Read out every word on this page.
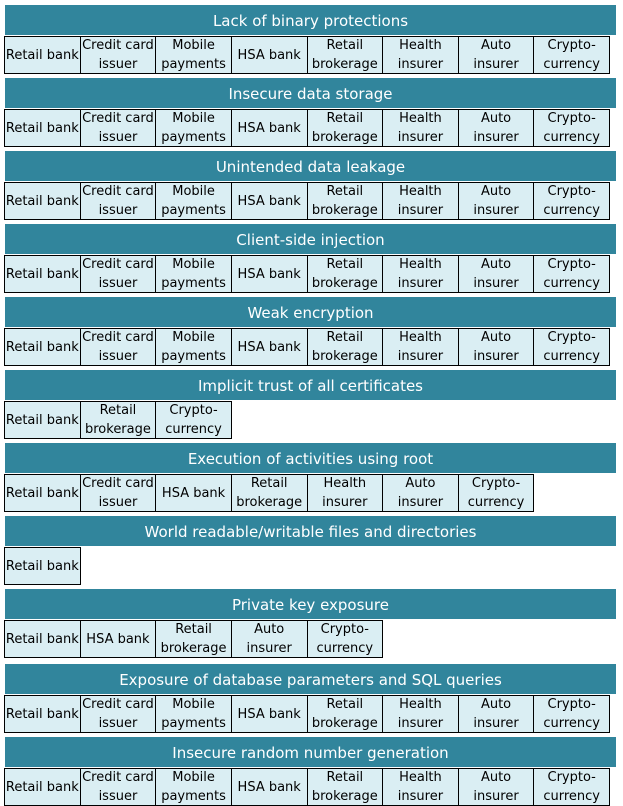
Lack of binary protections
Retail bank
Credit card
issuer
Mobile
payments
HSA bank
Retail
brokerage
Health
insurer
Auto
insurer
Crypto-
currency
Insecure data storage
Retail bank
Credit card
issuer
Mobile
payments
HSA bank
Retail
brokerage
Health
insurer
Auto
insurer
Crypto-
currency
Unintended data leakage
Retail bank
Credit card
issuer
Mobile
payments
HSA bank
Retail
brokerage
Health
insurer
Auto
insurer
Crypto-
currency
Client-side injection
Retail bank
Credit card
issuer
Mobile
payments
HSA bank
Retail
brokerage
Health
insurer
Auto
insurer
Crypto-
currency
Weak encryption
Retail bank
Credit card
issuer
Mobile
payments
HSA bank
Retail
brokerage
Health
insurer
Auto
insurer
Crypto-
currency
Implicit trust of all certificates
Retail bank
Retail
brokerage
Crypto-
currency
Execution of activities using root
Retail bank
Credit card
issuer
HSA bank
Retail
brokerage
Health
insurer
Auto
insurer
Crypto-
currency
World readable/writable files and directories
Retail bank
Private key exposure
Retail bank HSA bank
Retail
brokerage
Auto
insurer
Crypto-
currency
Exposure of database parameters and SQL queries
Retail bank
Credit card
issuer
Mobile
payments
HSA bank
Retail
brokerage
Health
insurer
Auto
insurer
Crypto-
currency
Insecure random number generation
Retail bank
Credit card
issuer
Mobile
payments
HSA bank
Retail
brokerage
Health
insurer
Auto
insurer
Crypto-
currency
